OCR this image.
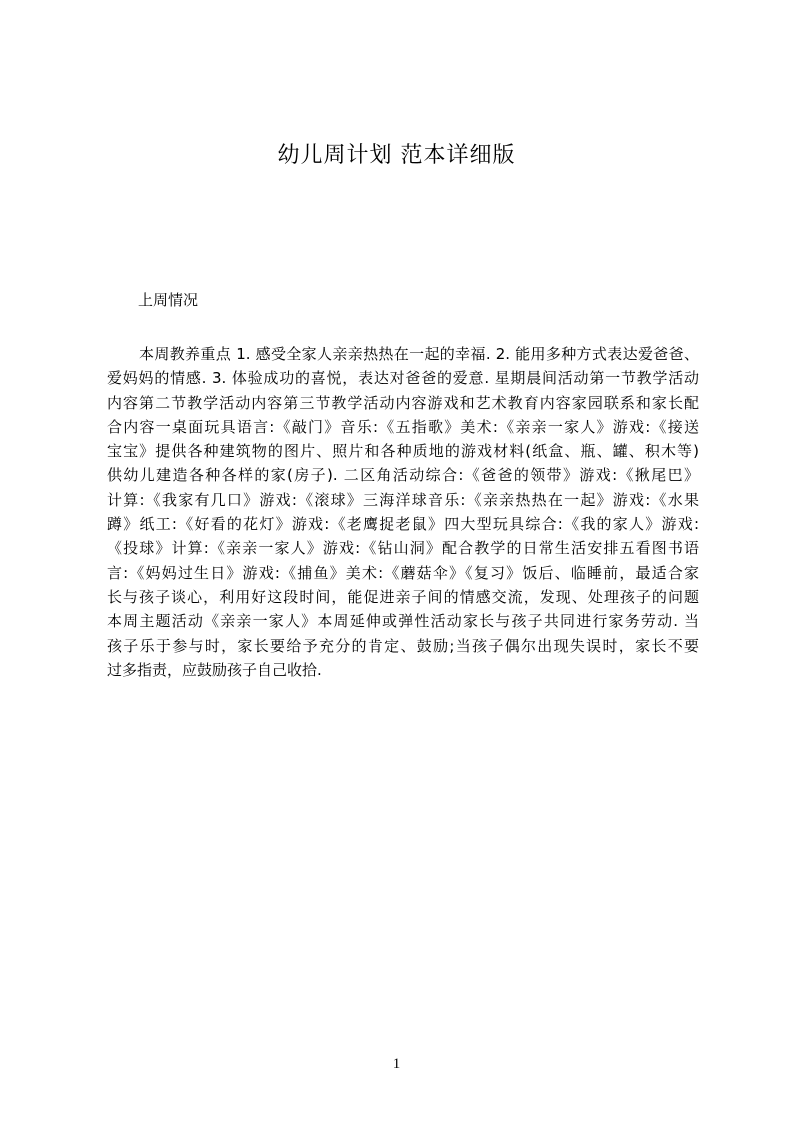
幼儿周计划 范本详细版
上周情况
本周教养重点 1. 感受全家人亲亲热热在一起的幸福. 2. 能用多种方式表达爱爸爸、
爱妈妈的情感. 3. 体验成功的喜悦，表达对爸爸的爱意. 星期晨间活动第一节教学活动
内容第二节教学活动内容第三节教学活动内容游戏和艺术教育内容家园联系和家长配
合内容一桌面玩具语言:《敲门》音乐:《五指歌》美术:《亲亲一家人》游戏:《接送
宝宝》提供各种建筑物的图片、照片和各种质地的游戏材料(纸盒、瓶、罐、积木等)
供幼儿建造各种各样的家(房子). 二区角活动综合:《爸爸的领带》游戏:《揪尾巴》
计算:《我家有几口》游戏:《滚球》三海洋球音乐:《亲亲热热在一起》游戏:《水果
蹲》纸工:《好看的花灯》游戏:《老鹰捉老鼠》四大型玩具综合:《我的家人》游戏:
《投球》计算:《亲亲一家人》游戏:《钻山洞》配合教学的日常生活安排五看图书语
言:《妈妈过生日》游戏:《捕鱼》美术:《蘑菇伞》《复习》饭后、临睡前，最适合家
长与孩子谈心，利用好这段时间，能促进亲子间的情感交流，发现、处理孩子的问题
本周主题活动《亲亲一家人》本周延伸或弹性活动家长与孩子共同进行家务劳动. 当
孩子乐于参与时，家长要给予充分的肯定、鼓励;当孩子偶尔出现失误时，家长不要
过多指责，应鼓励孩子自己收拾.
1
